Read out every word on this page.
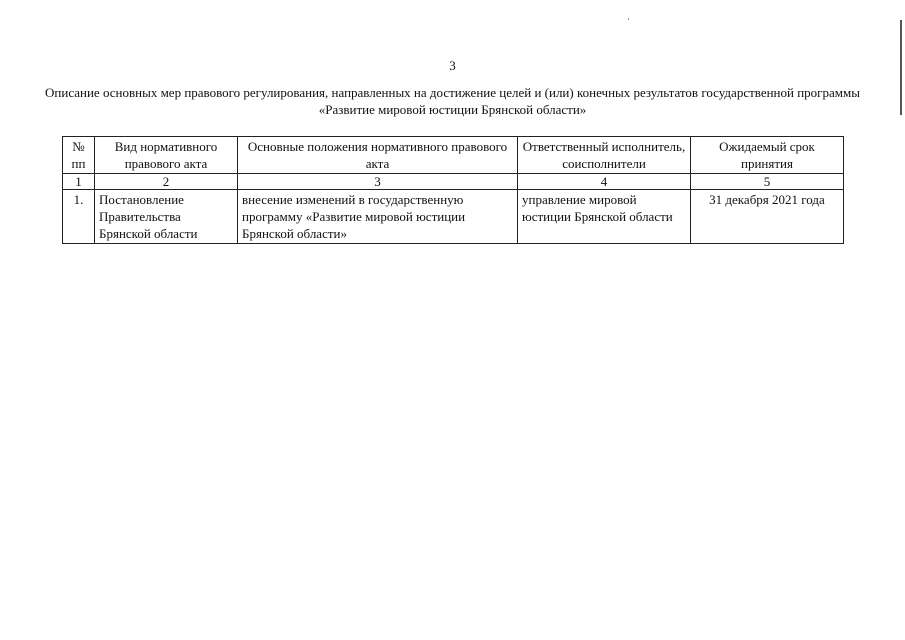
3
Описание основных мер правового регулирования, направленных на достижение целей и (или) конечных результатов государственной программы «Развитие мировой юстиции Брянской области»
№ пп	Вид нормативного правового акта	Основные положения нормативного правового акта	Ответственный исполнитель, соисполнители	Ожидаемый срок принятия
1	2	3	4	5
1.	Постановление Правительства Брянской области	внесение изменений в государственную программу «Развитие мировой юстиции Брянской области»	управление мировой юстиции Брянской области	31 декабря 2021 года
